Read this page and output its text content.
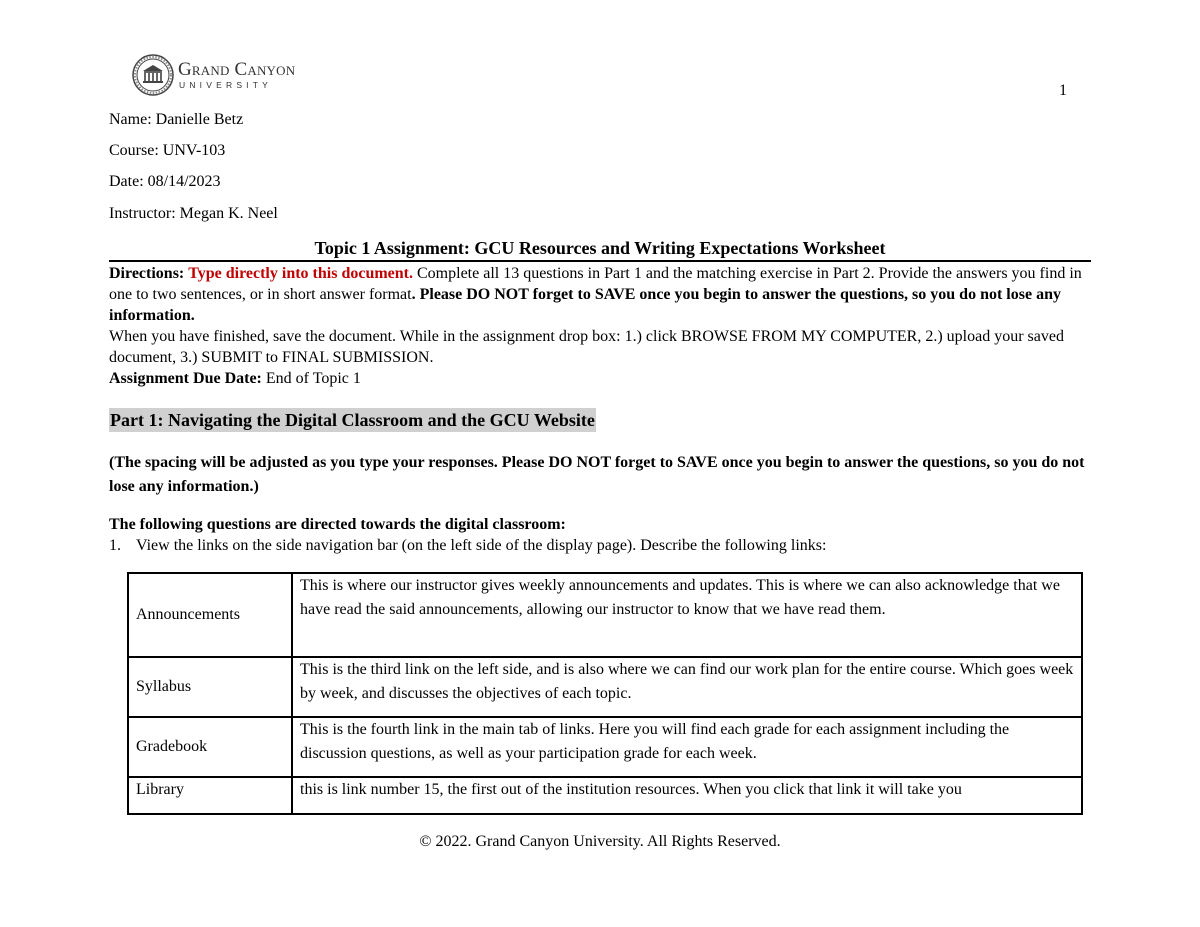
Grand Canyon
UNIVERSITY	1
Name: Danielle Betz
Course: UNV-103
Date: 08/14/2023
Instructor: Megan K. Neel
Topic 1 Assignment: GCU Resources and Writing Expectations Worksheet
Directions: Type directly into this document. Complete all 13 questions in Part 1 and the matching exercise in Part 2. Provide the answers you find in one to two sentences, or in short answer format. Please DO NOT forget to SAVE once you begin to answer the questions, so you do not lose any information.
When you have finished, save the document. While in the assignment drop box: 1.) click BROWSE FROM MY COMPUTER, 2.) upload your saved document, 3.) SUBMIT to FINAL SUBMISSION.
Assignment Due Date: End of Topic 1
Part 1: Navigating the Digital Classroom and the GCU Website
(The spacing will be adjusted as you type your responses. Please DO NOT forget to SAVE once you begin to answer the questions, so you do not lose any information.)
The following questions are directed towards the digital classroom:
1. View the links on the side navigation bar (on the left side of the display page). Describe the following links:
Announcements	This is where our instructor gives weekly announcements and updates. This is where we can also acknowledge that we have read the said announcements, allowing our instructor to know that we have read them.
Syllabus	This is the third link on the left side, and is also where we can find our work plan for the entire course. Which goes week by week, and discusses the objectives of each topic.
Gradebook	This is the fourth link in the main tab of links. Here you will find each grade for each assignment including the discussion questions, as well as your participation grade for each week.
Library	this is link number 15, the first out of the institution resources. When you click that link it will take you
© 2022. Grand Canyon University. All Rights Reserved.
